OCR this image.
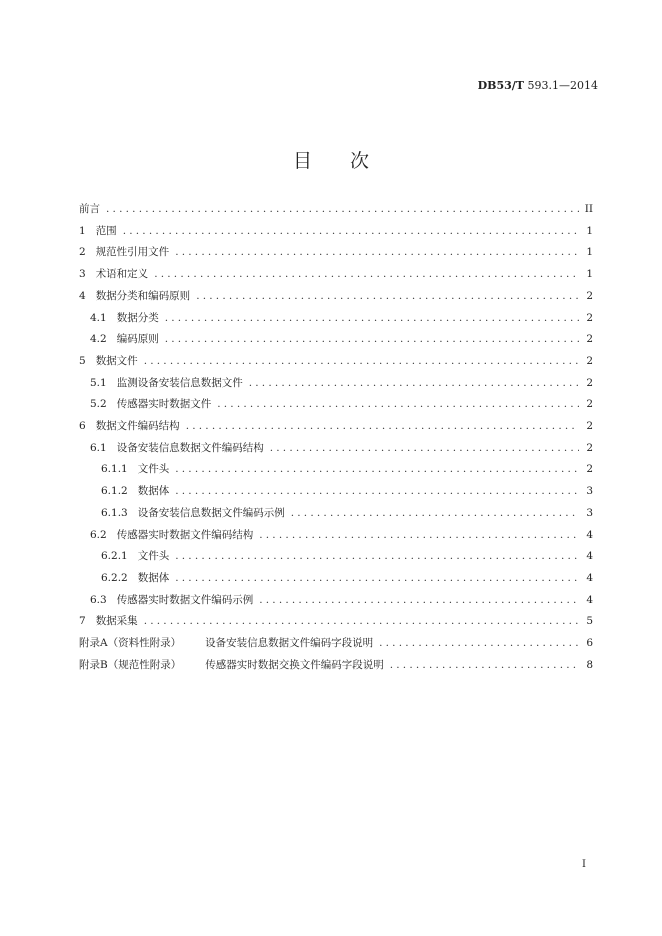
DB53/T 593.1—2014
目次
前言 .....	II
1 范围 .....	1
2 规范性引用文件 .....	1
3 术语和定义 .....	1
4 数据分类和编码原则 .....	2
4.1 数据分类 .....	2
4.2 编码原则 .....	2
5 数据文件 .....	2
5.1 监测设备安装信息数据文件 .....	2
5.2 传感器实时数据文件 .....	2
6 数据文件编码结构 .....	2
6.1 设备安装信息数据文件编码结构 .....	2
6.1.1 文件头 .....	2
6.1.2 数据体 .....	3
6.1.3 设备安装信息数据文件编码示例 .....	3
6.2 传感器实时数据文件编码结构 .....	4
6.2.1 文件头 .....	4
6.2.2 数据体 .....	4
6.3 传感器实时数据文件编码示例 .....	4
7 数据采集 .....	5
附录A（资料性附录） 设备安装信息数据文件编码字段说明 .....	6
附录B（规范性附录） 传感器实时数据交换文件编码字段说明 .....	8
I
